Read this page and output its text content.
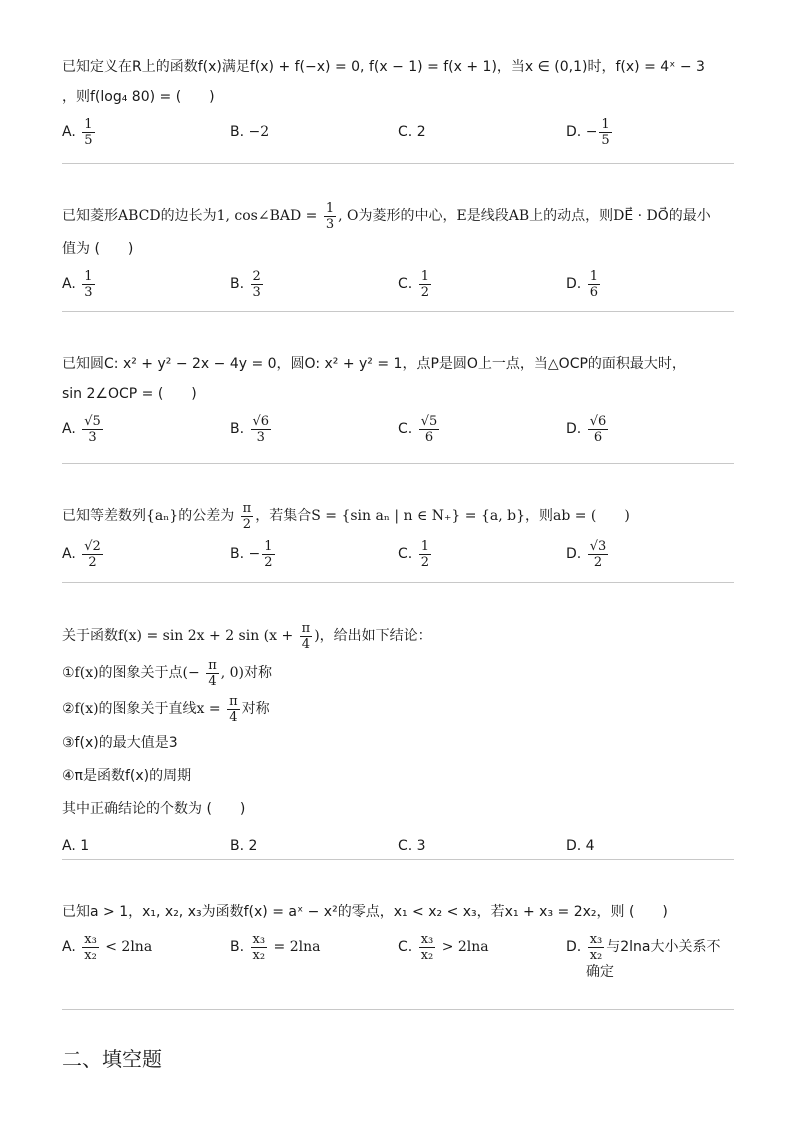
已知定义在R上的函数f(x)满足f(x) + f(−x) = 0, f(x − 1) = f(x + 1)，当x ∈ (0,1)时，f(x) = 4ˣ − 3
，则f(log₄ 80) = (　　)
A. $\frac{1}{5}$	B. −2	C. 2	D. − $\frac{1}{5}$
已知菱形ABCD的边长为1, cos∠BAD = $\frac{1}{3}$ , O为菱形的中心，E是线段AB上的动点，则DE⃗ · DO⃗的最小
值为 (　　)
A. $\frac{1}{3}$	B. $\frac{2}{3}$	C. $\frac{1}{2}$	D. $\frac{1}{6}$
已知圆C: x² + y² − 2x − 4y = 0，圆O: x² + y² = 1，点P是圆O上一点，当△OCP的面积最大时，
sin 2∠OCP = (　　)
A. $\frac{√5}{3}$	B. $\frac{√6}{3}$	C. $\frac{√5}{6}$	D. $\frac{√6}{6}$
已知等差数列{aₙ}的公差为 $\frac{\pi}{2}$ ，若集合S = {sin aₙ | n ∈ N₊} = {a, b}，则ab = (　　)
A. $\frac{√2}{2}$	B. − $\frac{1}{2}$	C. $\frac{1}{2}$	D. $\frac{√3}{2}$
关于函数f(x) = sin 2x + 2 $\sin (x + \frac{\pi}{4}$ )，给出如下结论：
①f(x)的图象关于点(− $\frac{\pi}{4}$ , 0)对称
②f(x)的图象关于直线$x = \frac{\pi}{4}$ 对称
③f(x)的最大值是3
④π是函数f(x)的周期
其中正确结论的个数为 (　　)
A. 1	B. 2	C. 3	D. 4
已知a > 1，x₁, x₂, x₃为函数f(x) = aˣ − x²的零点，x₁ < x₂ < x₃，若x₁ + x₃ = 2x₂，则 (　　)
A. $\frac{\text{x₃}}{\text{x₂}} < 2\ln a$	B. $\frac{\text{x₃}}{\text{x₂}} = 2\ln a$	C. $\frac{\text{x₃}}{\text{x₂}} > 2\ln a$	D. $\frac{\text{x₃}}{\text{x₂}}$ 与2lna大小关系不
确定
二、填空题
